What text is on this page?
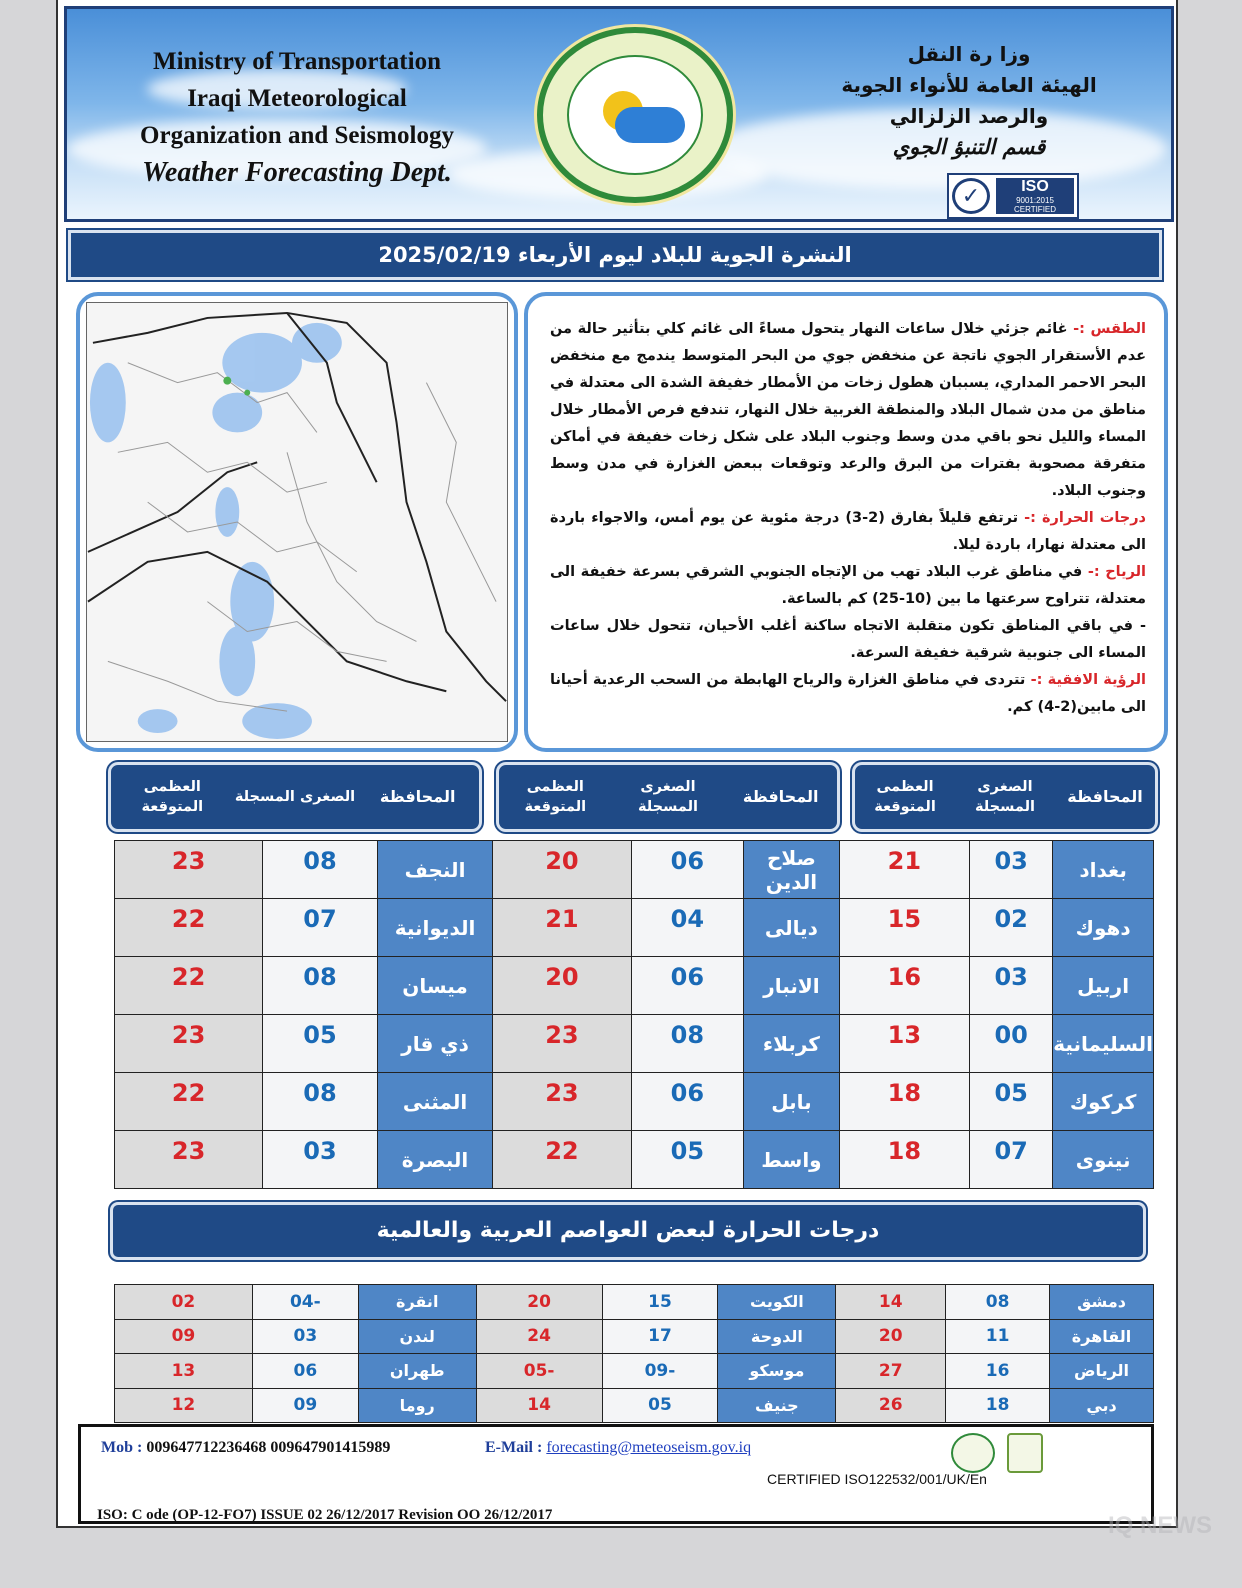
Ministry of Transportation
Iraqi Meteorological
Organization and Seismology
Weather Forecasting Dept.
وزا رة النقل
الهيئة العامة للأنواء الجوية
والرصد الزلزالي
قسم التنبؤ الجوي
✓	ISO
9001:2015
CERTIFIED
النشرة الجوية للبلاد ليوم الأربعاء 2025/02/19

الطقس :- غائم جزئي خلال ساعات النهار يتحول مساءً الى غائم كلي بتأثير حالة من عدم الأستقرار الجوي ناتجة عن منخفض جوي من البحر المتوسط يندمج مع منخفض البحر الاحمر المداري، يسببان هطول زخات من الأمطار خفيفة الشدة الى معتدلة في مناطق من مدن شمال البلاد والمنطقة الغربية خلال النهار، تندفع فرص الأمطار خلال المساء والليل نحو باقي مدن وسط وجنوب البلاد على شكل زخات خفيفة في أماكن متفرقة مصحوبة بفترات من البرق والرعد وتوقعات ببعض الغزارة في مدن وسط وجنوب البلاد.

درجات الحرارة :- ترتفع قليلاً بفارق (2-3) درجة مئوية عن يوم أمس، والاجواء باردة الى معتدلة نهارا، باردة ليلا.

الرياح :- في مناطق غرب البلاد تهب من الإتجاه الجنوبي الشرقي بسرعة خفيفة الى معتدلة، تتراوح سرعتها ما بين (10-25) كم بالساعة.

- في باقي المناطق تكون متقلبة الاتجاه ساكنة أغلب الأحيان، تتحول خلال ساعات المساء الى جنوبية شرقية خفيفة السرعة.

الرؤية الافقية :- تتردى في مناطق الغزارة والرياح الهابطة من السحب الرعدية أحيانا الى مابين(2-4) كم.

المحافظة
الصغرى المسجلة
العظمى المتوقعة
المحافظة
الصغرى المسجلة
العظمى المتوقعة
المحافظة
الصغرى المسجلة
العظمى المتوقعة
بغداد	03	21	صلاح الدين	06	20	النجف	08	23
دهوك	02	15	ديالى	04	21	الديوانية	07	22
اربيل	03	16	الانبار	06	20	ميسان	08	22
السليمانية	00	13	كربلاء	08	23	ذي قار	05	23
كركوك	05	18	بابل	06	23	المثنى	08	22
نينوى	07	18	واسط	05	22	البصرة	03	23
درجات الحرارة لبعض العواصم العربية والعالمية
دمشق	08	14	الكويت	15	20	انقرة	-04	02
القاهرة	11	20	الدوحة	17	24	لندن	03	09
الرياض	16	27	موسكو	-09	-05	طهران	06	13
دبي	18	26	جنيف	05	14	روما	09	12
Mob : 009647712236468 009647901415989	E-Mail : forecasting@meteoseism.gov.iq
CERTIFIED ISO122532/001/UK/En
ISO: C ode (OP-12-FO7) ISSUE 02 26/12/2017 Revision OO 26/12/2017	IQ NEWS
